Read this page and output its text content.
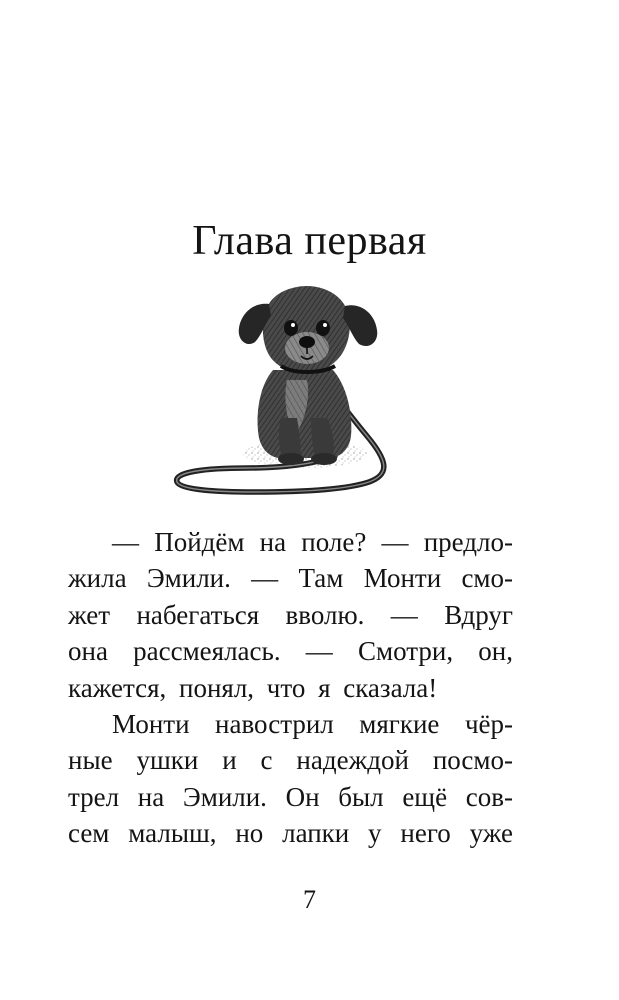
Глава первая
— Пойдём на поле? — предло-
жила Эмили. — Там Монти смо-
жет набегаться вволю. — Вдруг
она рассмеялась. — Смотри, он,
кажется, понял, что я сказала!
Монти навострил мягкие чёр-
ные ушки и с надеждой посмо-
трел на Эмили. Он был ещё сов-
сем малыш, но лапки у него уже
7
